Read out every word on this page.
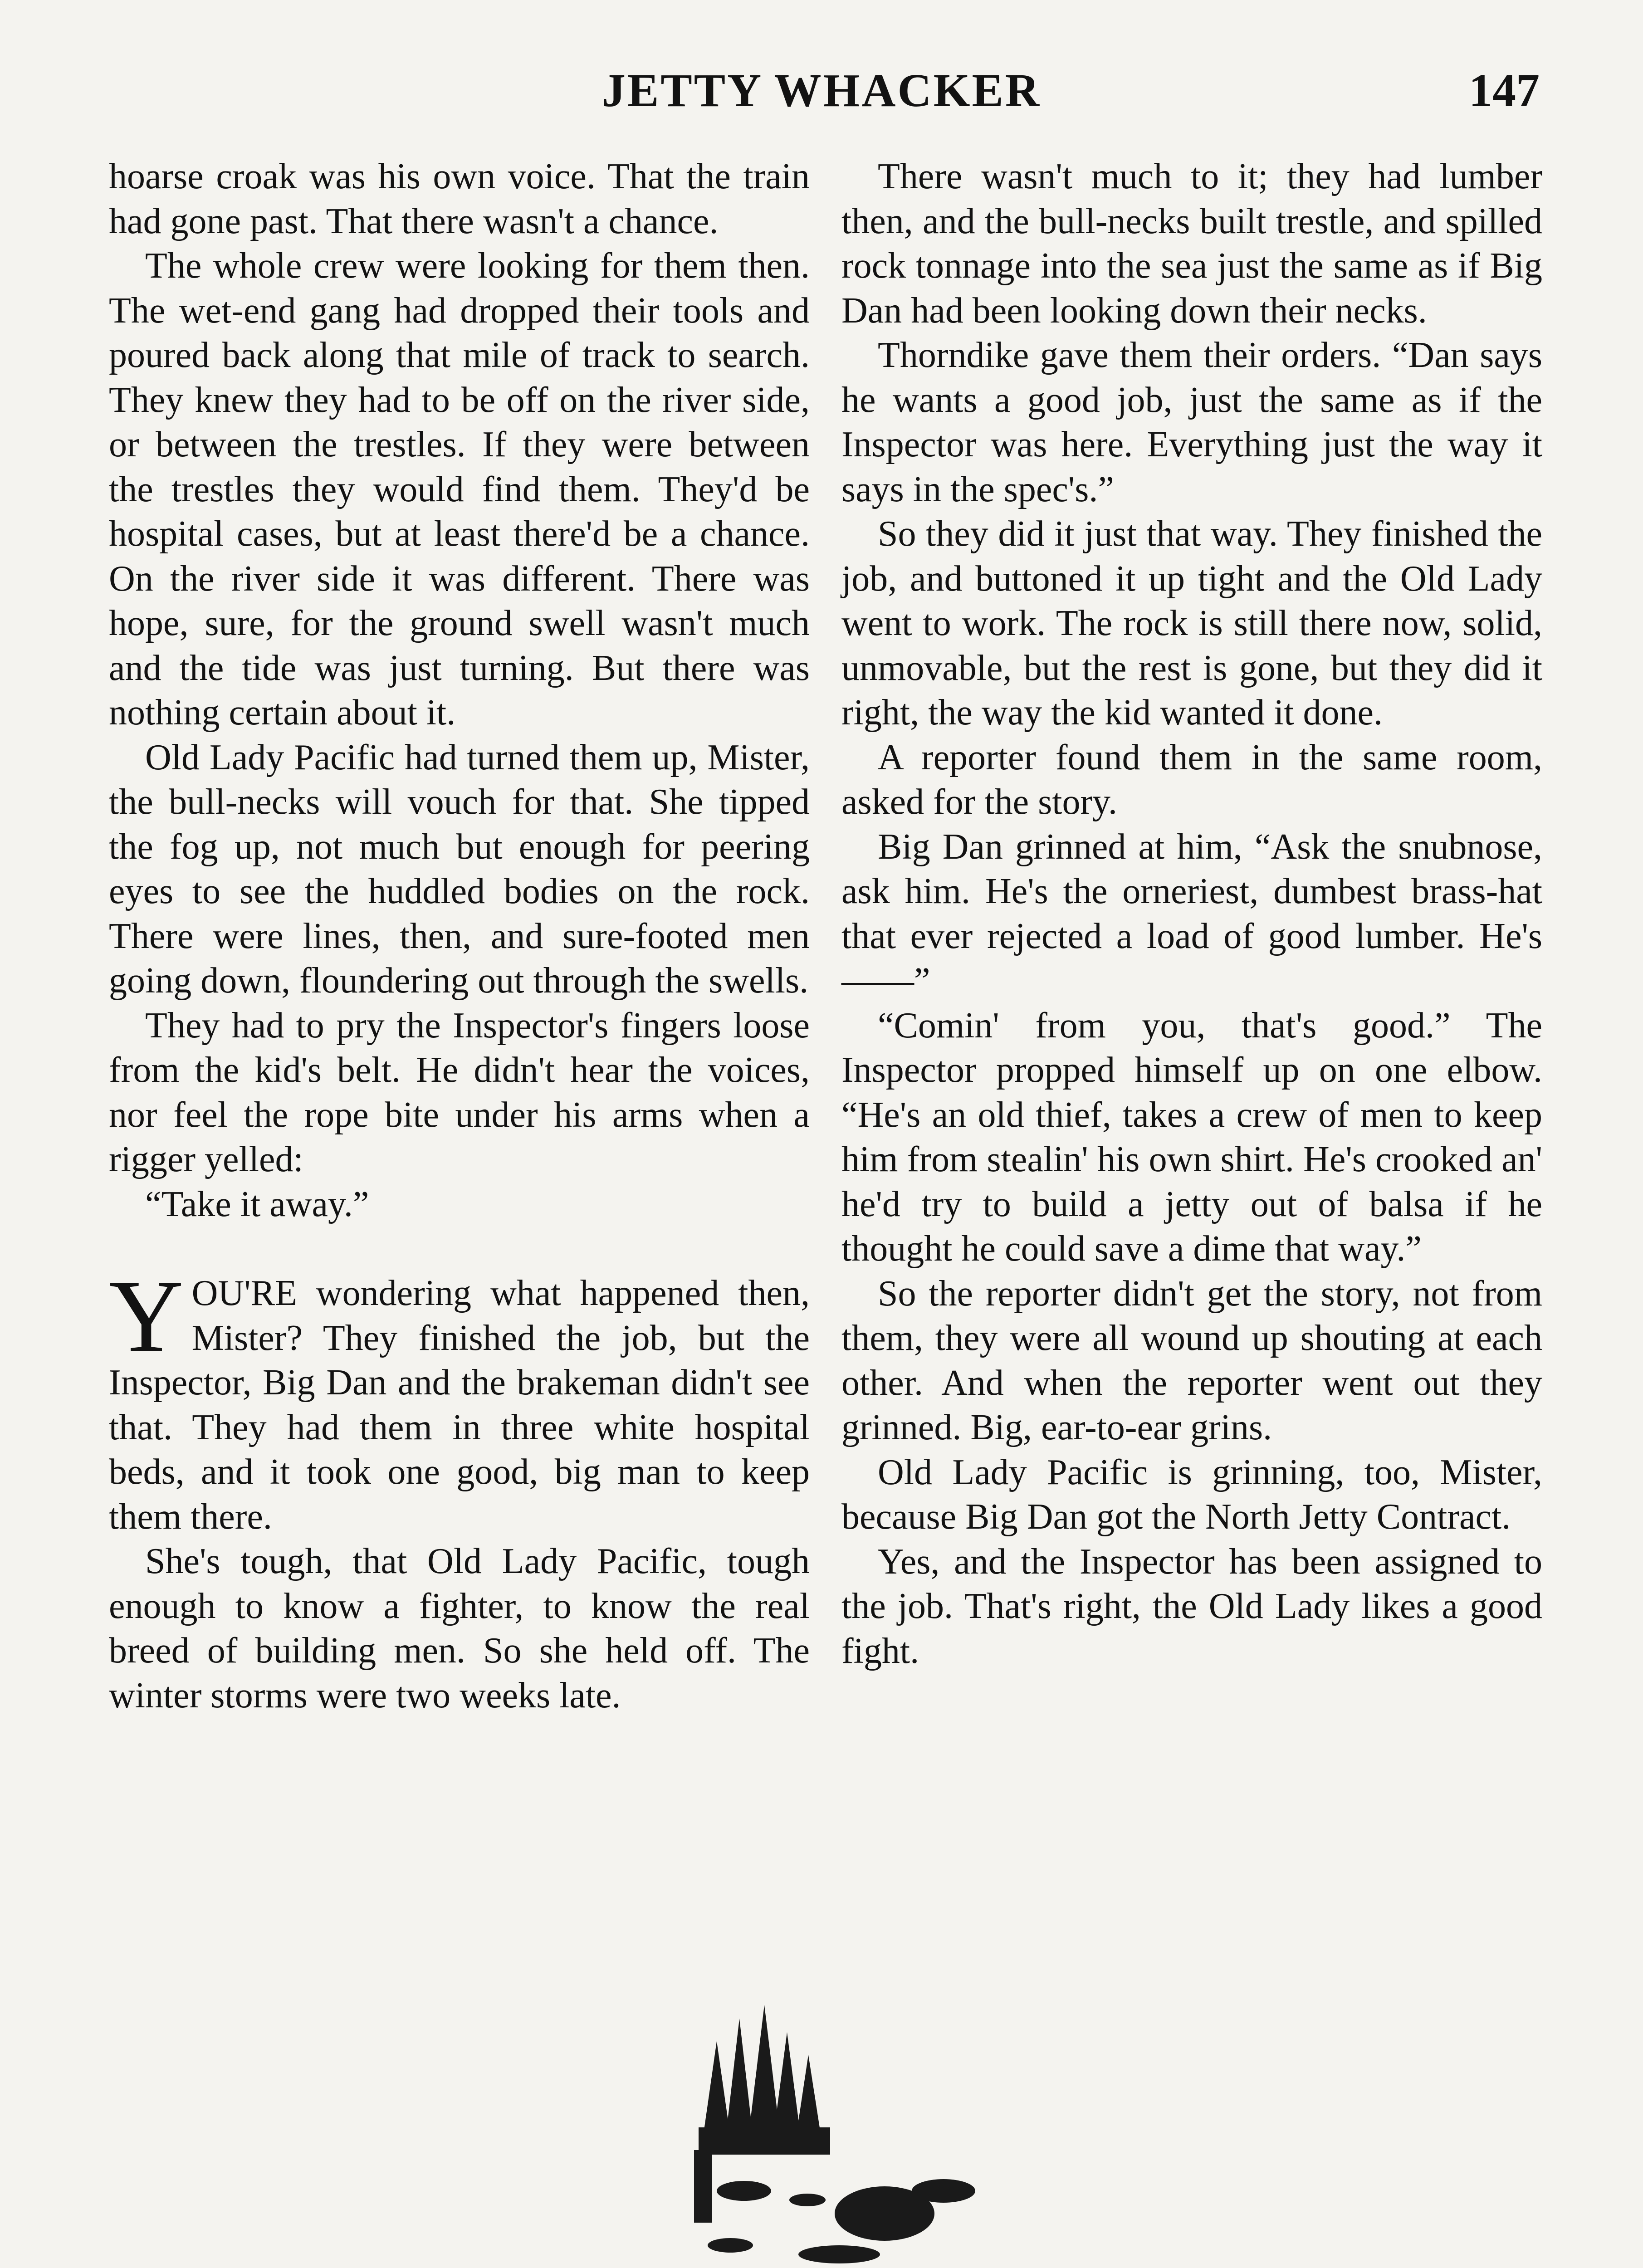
JETTY WHACKER	147

hoarse croak was his own voice. That the train had gone past. That there wasn't a chance.

The whole crew were looking for them then. The wet-end gang had dropped their tools and poured back along that mile of track to search. They knew they had to be off on the river side, or between the trestles. If they were between the trestles they would find them. They'd be hospital cases, but at least there'd be a chance. On the river side it was different. There was hope, sure, for the ground swell wasn't much and the tide was just turning. But there was nothing certain about it.

Old Lady Pacific had turned them up, Mister, the bull-necks will vouch for that. She tipped the fog up, not much but enough for peering eyes to see the huddled bodies on the rock. There were lines, then, and sure-footed men going down, floundering out through the swells.

They had to pry the Inspector's fingers loose from the kid's belt. He didn't hear the voices, nor feel the rope bite under his arms when a rigger yelled:

“Take it away.”

YOU'RE wondering what happened then, Mister? They finished the job, but the Inspector, Big Dan and the brakeman didn't see that. They had them in three white hospital beds, and it took one good, big man to keep them there.

She's tough, that Old Lady Pacific, tough enough to know a fighter, to know the real breed of building men. So she held off. The winter storms were two weeks late.

There wasn't much to it; they had lumber then, and the bull-necks built trestle, and spilled rock tonnage into the sea just the same as if Big Dan had been looking down their necks.

Thorndike gave them their orders. “Dan says he wants a good job, just the same as if the Inspector was here. Everything just the way it says in the spec's.”

So they did it just that way. They finished the job, and buttoned it up tight and the Old Lady went to work. The rock is still there now, solid, unmovable, but the rest is gone, but they did it right, the way the kid wanted it done.

A reporter found them in the same room, asked for the story.

Big Dan grinned at him, “Ask the snubnose, ask him. He's the orneriest, dumbest brass-hat that ever rejected a load of good lumber. He's——”

“Comin' from you, that's good.” The Inspector propped himself up on one elbow. “He's an old thief, takes a crew of men to keep him from stealin' his own shirt. He's crooked an' he'd try to build a jetty out of balsa if he thought he could save a dime that way.”

So the reporter didn't get the story, not from them, they were all wound up shouting at each other. And when the reporter went out they grinned. Big, ear-to-ear grins.

Old Lady Pacific is grinning, too, Mister, because Big Dan got the North Jetty Contract.

Yes, and the Inspector has been assigned to the job. That's right, the Old Lady likes a good fight.
